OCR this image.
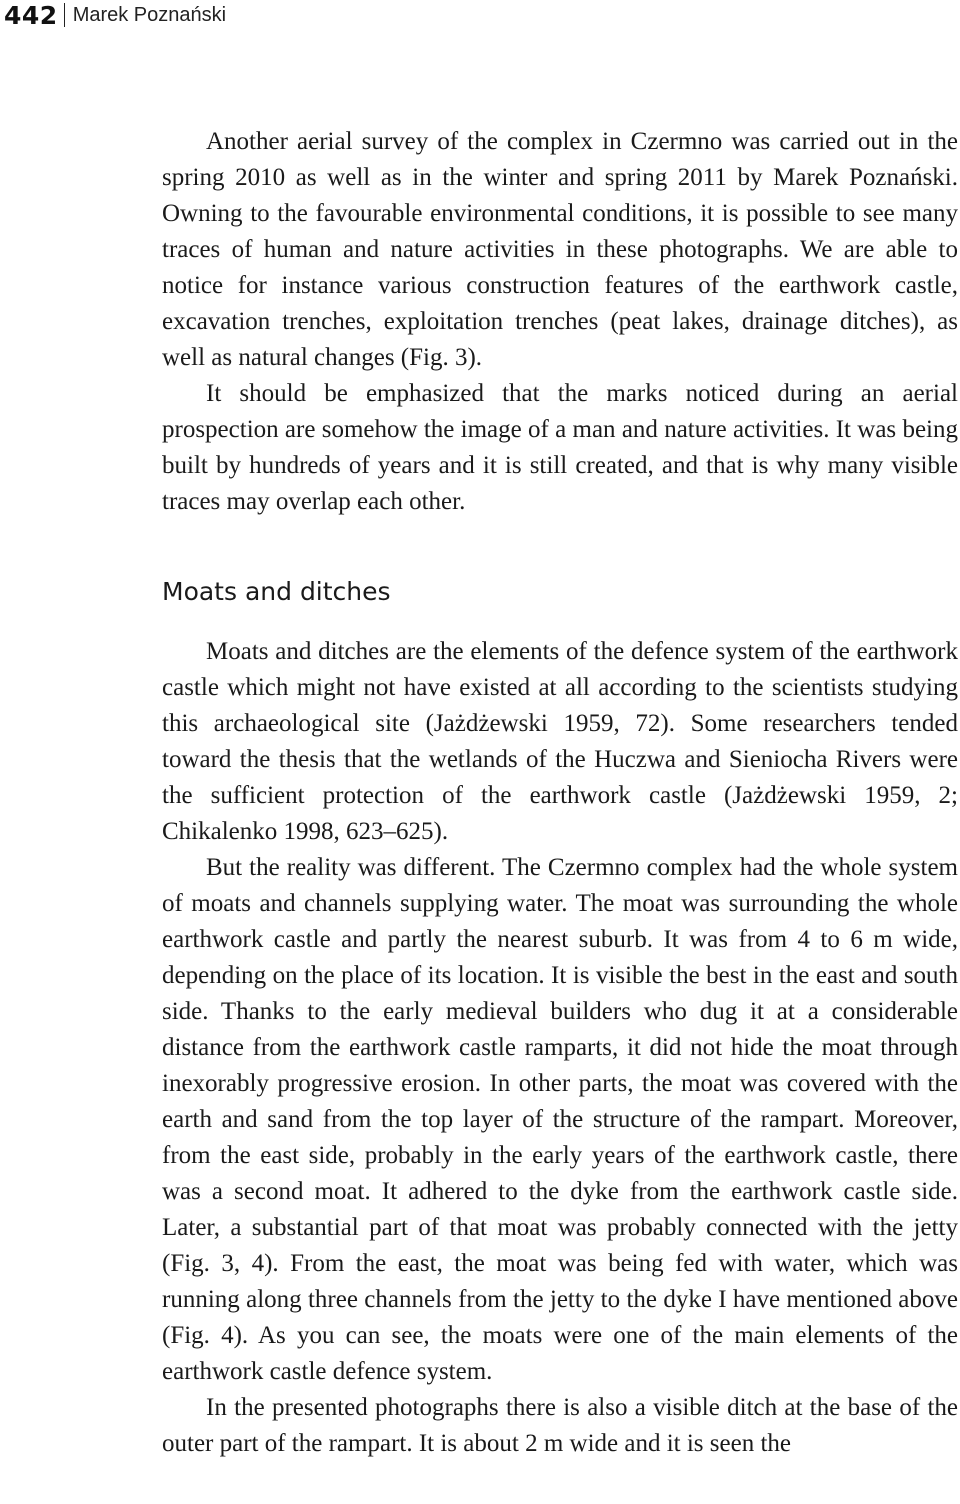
442 Marek Poznański

Another aerial survey of the complex in Czermno was carried out in the spring 2010 as well as in the winter and spring 2011 by Marek Poznański. Owning to the favourable environmental conditions, it is possible to see many traces of human and nature activities in these photographs. We are able to notice for instance various construction features of the earthwork castle, excavation trenches, exploitation trenches (peat lakes, drainage ditches), as well as natural changes (Fig. 3).

It should be emphasized that the marks noticed during an aerial prospection are somehow the image of a man and nature activities. It was being built by hundreds of years and it is still created, and that is why many visible traces may overlap each other.

Moats and ditches

Moats and ditches are the elements of the defence system of the earthwork castle which might not have existed at all according to the scientists studying this archaeological site (Jażdżewski 1959, 72). Some researchers tended toward the thesis that the wetlands of the Huczwa and Sieniocha Rivers were the sufficient protection of the earthwork castle (Jażdżewski 1959, 2; Chikalenko 1998, 623–625).

But the reality was different. The Czermno complex had the whole system of moats and channels supplying water. The moat was surrounding the whole earthwork castle and partly the nearest suburb. It was from 4 to 6 m wide, depending on the place of its location. It is visible the best in the east and south side. Thanks to the early medieval builders who dug it at a considerable distance from the earthwork castle ramparts, it did not hide the moat through inexorably progressive erosion. In other parts, the moat was covered with the earth and sand from the top layer of the structure of the rampart. Moreover, from the east side, probably in the early years of the earthwork castle, there was a second moat. It adhered to the dyke from the earthwork castle side. Later, a substantial part of that moat was probably connected with the jetty (Fig. 3, 4). From the east, the moat was being fed with water, which was running along three channels from the jetty to the dyke I have mentioned above (Fig. 4). As you can see, the moats were one of the main elements of the earthwork castle defence system.

In the presented photographs there is also a visible ditch at the base of the outer part of the rampart. It is about 2 m wide and it is seen the
